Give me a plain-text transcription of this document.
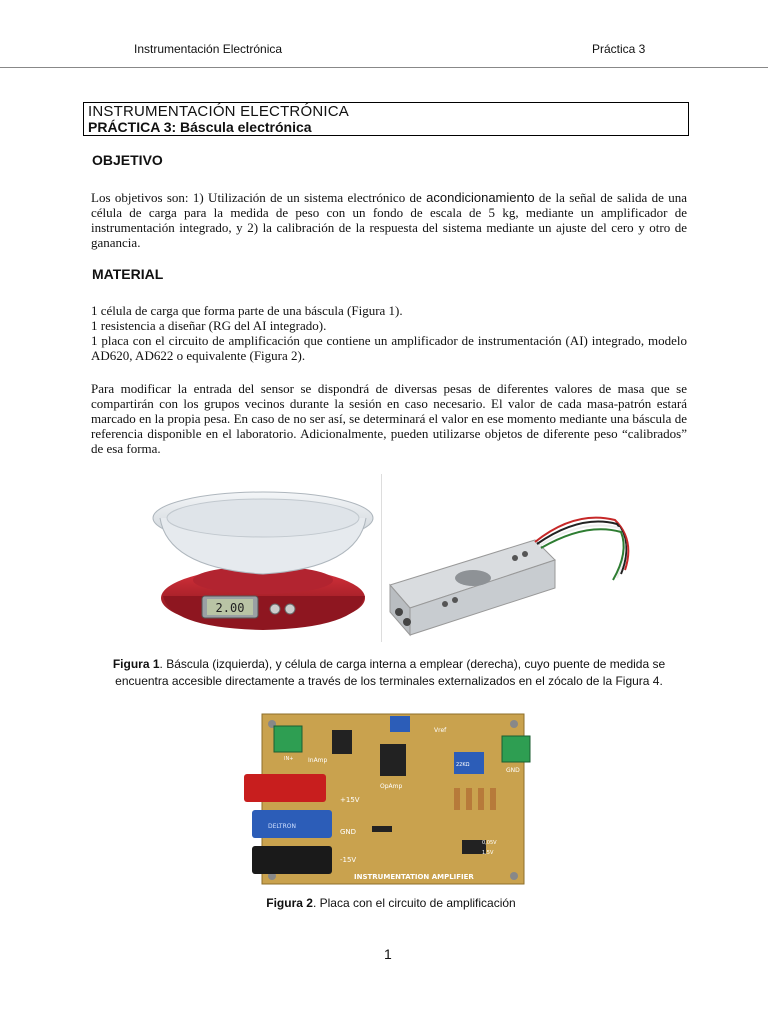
Instrumentación Electrónica	Práctica 3
INSTRUMENTACIÓN ELECTRÓNICA
PRÁCTICA 3: Báscula electrónica
OBJETIVO

Los objetivos son: 1) Utilización de un sistema electrónico de acondicionamiento de la señal de salida de una célula de carga para la medida de peso con un fondo de escala de 5 kg, mediante un amplificador de instrumentación integrado, y 2) la calibración de la respuesta del sistema mediante un ajuste del cero y otro de ganancia.

MATERIAL

1 célula de carga que forma parte de una báscula (Figura 1).

1 resistencia a diseñar (RG del AI integrado).

1 placa con el circuito de amplificación que contiene un amplificador de instrumentación (AI) integrado, modelo AD620, AD622 o equivalente (Figura 2).

Para modificar la entrada del sensor se dispondrá de diversas pesas de diferentes valores de masa que se compartirán con los grupos vecinos durante la sesión en caso necesario. El valor de cada masa-patrón estará marcado en la propia pesa. En caso de no ser así, se determinará el valor en ese momento mediante una báscula de referencia disponible en el laboratorio. Adicionalmente, pueden utilizarse objetos de diferente peso “calibrados” de esa forma.

2.00
Figura 1. Báscula (izquierda), y célula de carga interna a emplear (derecha), cuyo puente de medida se encuentra accesible directamente a través de los terminales externalizados en el zócalo de la Figura 4.
InAmp
OpAmp
Vref
+15V
GND
-15V
GND
IN+
0,05V
1,5V
22KΩ
DELTRON
INSTRUMENTATION AMPLIFIER
Figura 2. Placa con el circuito de amplificación
1
